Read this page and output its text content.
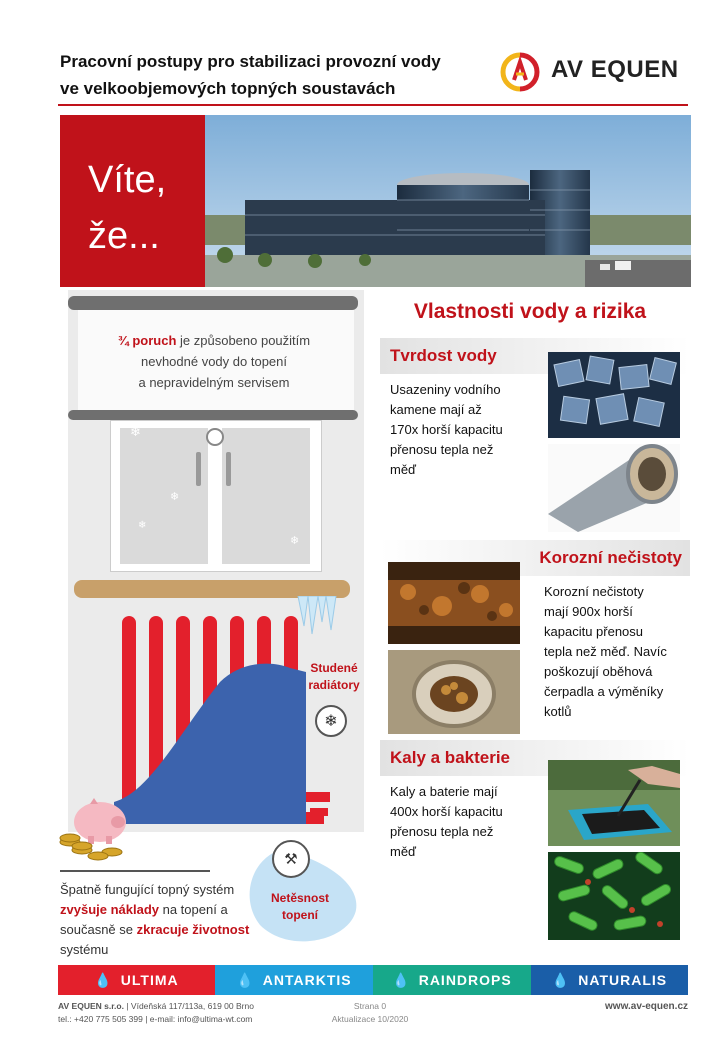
Pracovní postupy pro stabilizaci provozní vody
ve velkoobjemových topných soustavách
AV EQUEN
Víte,
že...
¾ poruch je způsobeno použitím
nevhodné vody do topení
a nepravidelným servisem
❄
❄
❄
❄
Studené
radiátory
❄
⚒
Netěsnost
topení
Špatně fungující topný systém zvyšuje náklady na topení a současně se zkracuje životnost systému
Vlastnosti vody a rizika
Tvrdost vody
Usazeniny vodního
kamene mají až
170x horší kapacitu
přenosu tepla než
měď
Korozní nečistoty
Korozní nečistoty
mají 900x horší
kapacitu přenosu
tepla než měď. Navíc
poškozují oběhová
čerpadla a výměníky
kotlů
Kaly a bakterie
Kaly a baterie mají
400x horší kapacitu
přenosu tepla než
měď
💧 ULTIMA	💧 ANTARKTIS	💧 RAINDROPS	💧 NATURALIS
AV EQUEN s.r.o. | Vídeňská 117/113a, 619 00 Brno
tel.: +420 775 505 399 | e-mail: info@ultima-wt.com
Strana 0
Aktualizace 10/2020
www.av-equen.cz
